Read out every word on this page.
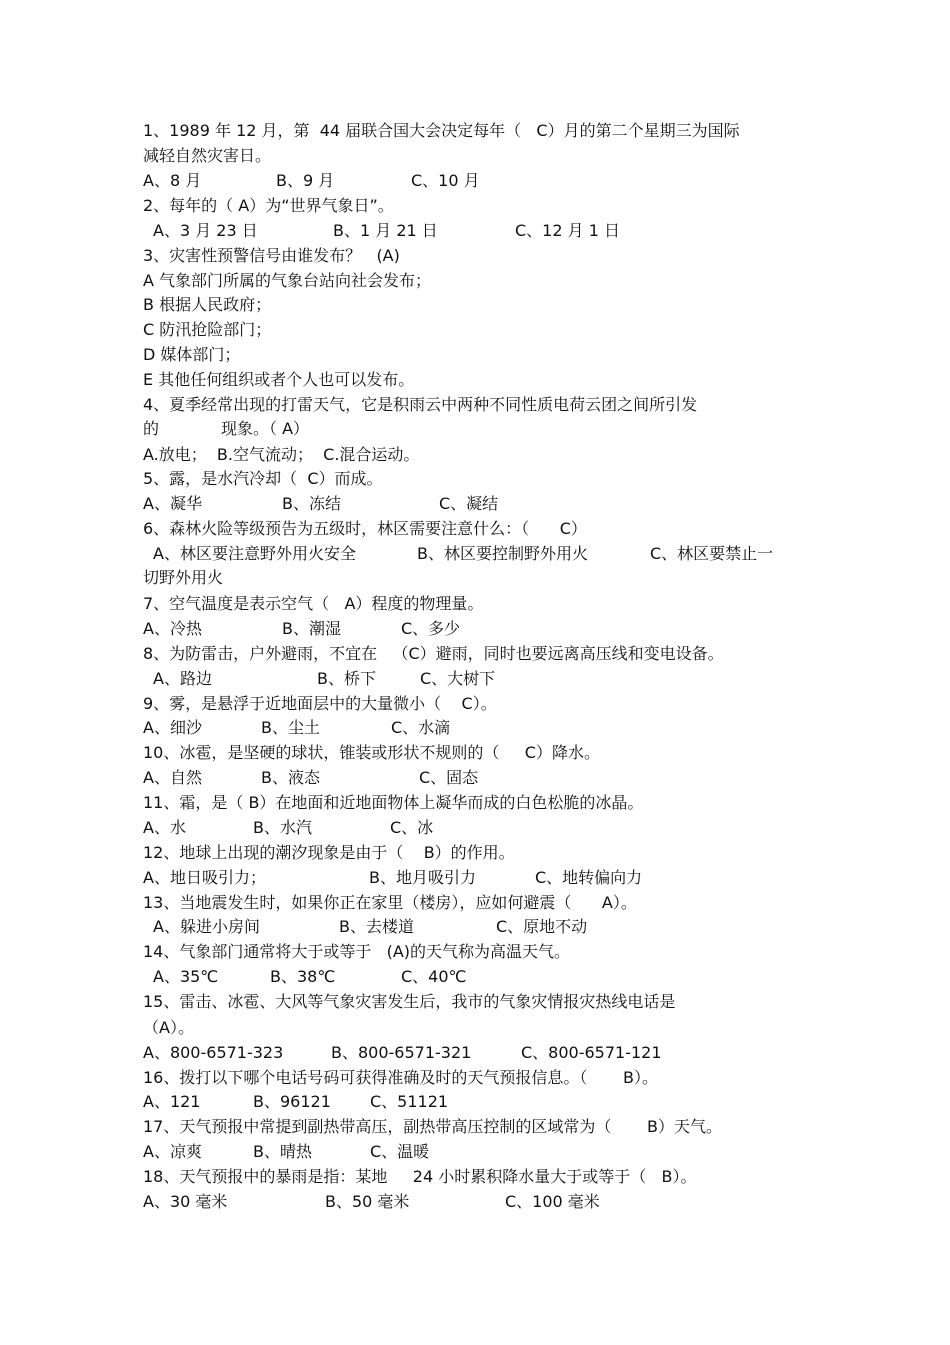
1、1989 年 12 月，第  44 届联合国大会决定每年（   C）月的第二个星期三为国际
减轻自然灾害日。

A、8 月

	B、9 月

	C、10 月

2、每年的（ A）为“世界气象日”。

A、3 月 23 日

	B、1 月 21 日

	C、12 月 1 日

3、灾害性预警信号由谁发布？   (A)
A 气象部门所属的气象台站向社会发布；
B 根据人民政府；
C 防汛抢险部门；
D 媒体部门；
E 其他任何组织或者个人也可以发布。
4、夏季经常出现的打雷天气，它是积雨云中两种不同性质电荷云团之间所引发

的

	现象。（ A）

A.放电；  B.空气流动；  C.混合运动。
5、露，是水汽冷却（  C）而成。

A、凝华

	B、冻结

	C、凝结

6、森林火险等级预告为五级时，林区需要注意什么：（      C）

A、林区要注意野外用火安全

	B、林区要控制野外用火

	C、林区要禁止一

切野外用火
7、空气温度是表示空气（   A）程度的物理量。

A、冷热

	B、潮湿

	C、多少

8、为防雷击，户外避雨，不宜在   （C）避雨，同时也要远离高压线和变电设备。

A、路边

	B、桥下

	C、大树下

9、雾，是悬浮于近地面层中的大量微小（    C）。

A、细沙

	B、尘土

	C、水滴

10、冰雹，是坚硬的球状，锥装或形状不规则的（     C）降水。

A、自然

	B、液态

	C、固态

11、霜，是（ B）在地面和近地面物体上凝华而成的白色松脆的冰晶。

A、水

	B、水汽

	C、冰

12、地球上出现的潮汐现象是由于（    B）的作用。

A、地日吸引力；

	B、地月吸引力

	C、地转偏向力

13、当地震发生时，如果你正在家里（楼房），应如何避震（      A）。

A、躲进小房间

	B、去楼道

	C、原地不动

14、气象部门通常将大于或等于   (A)的天气称为高温天气。

A、35℃

	B、38℃

	C、40℃

15、雷击、冰雹、大风等气象灾害发生后，我市的气象灾情报灾热线电话是
（A）。

A、800-6571-323

	B、800-6571-321

	C、800-6571-121

16、拨打以下哪个电话号码可获得准确及时的天气预报信息。（       B）。

A、121

	B、96121

C、51121

17、天气预报中常提到副热带高压，副热带高压控制的区域常为（       B）天气。

A、凉爽

	B、晴热

	C、温暖

18、天气预报中的暴雨是指：某地     24 小时累积降水量大于或等于（   B）。

A、30 毫米

	B、50 毫米

	C、100 毫米
